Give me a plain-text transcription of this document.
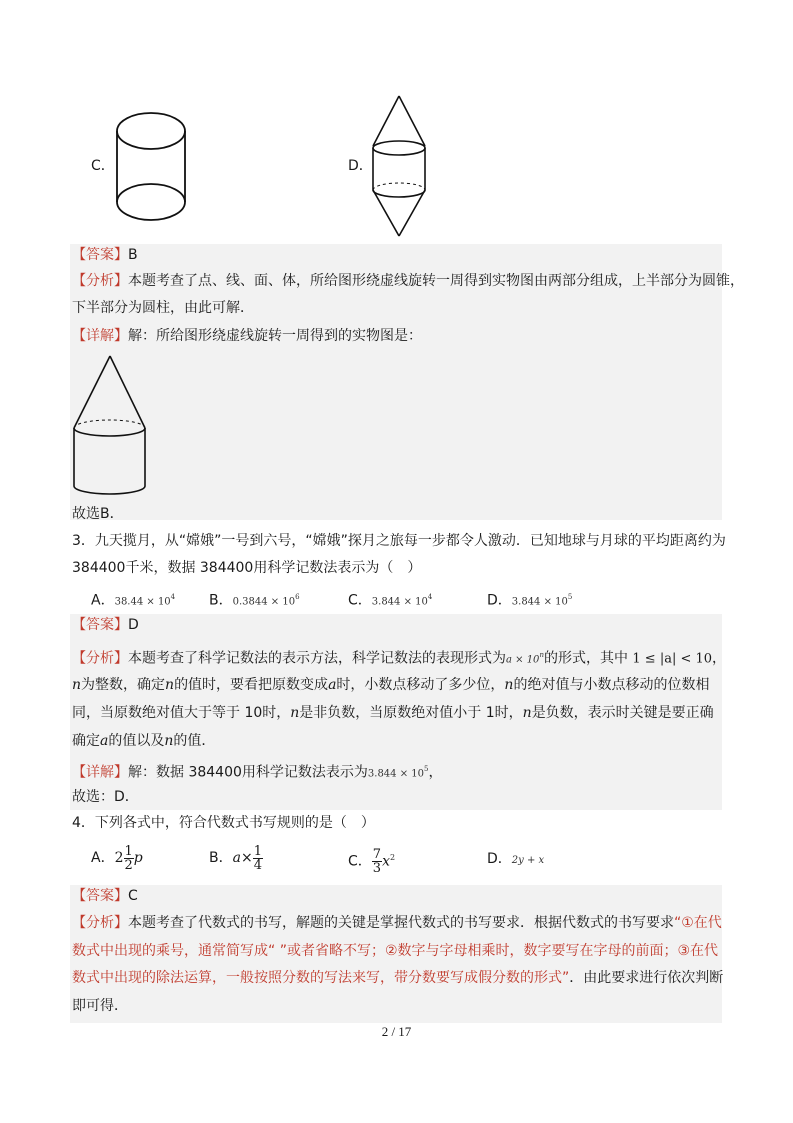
C．	D．
【答案】B
【分析】本题考查了点、线、面、体，所给图形绕虚线旋转一周得到实物图由两部分组成，上半部分为圆锥，
下半部分为圆柱，由此可解．
【详解】解：所给图形绕虚线旋转一周得到的实物图是：
故选B．
3．九天揽月，从“嫦娥”一号到六号，“嫦娥”探月之旅每一步都令人激动．已知地球与月球的平均距离约为
384400千米，数据 384400用科学记数法表示为（　）
A．$38.44 \times 10^4$ B．$0.3844 \times 10^6$	C．$3.844 \times 10^4$	D．$3.844 \times 10^5$
【答案】D
【分析】本题考查了科学记数法的表示方法，科学记数法的表现形式为$a \times 10^n$的形式，其中 1 ≤ |a| < 10，
n为整数，确定n的值时，要看把原数变成a时，小数点移动了多少位，n的绝对值与小数点移动的位数相
同，当原数绝对值大于等于 10时，n是非负数，当原数绝对值小于 1时，n是负数，表示时关键是要正确
确定a的值以及n的值．
【详解】解：数据 384400用科学记数法表示为$3.844 \times 10^5$，
故选：D．
4．下列各式中，符合代数式书写规则的是（　）
A．$2 \frac{1}{2}$ p	B．$a\times \frac{1}{4}$	C． $\frac{7}{3} x^2$	D．2y + x
【答案】C
【分析】本题考查了代数式的书写，解题的关键是掌握代数式的书写要求．根据代数式的书写要求“①在代
数式中出现的乘号，通常简写成“ ”或者省略不写；②数字与字母相乘时，数字要写在字母的前面；③在代
数式中出现的除法运算，一般按照分数的写法来写，带分数要写成假分数的形式”．由此要求进行依次判断
即可得．
2 / 17
